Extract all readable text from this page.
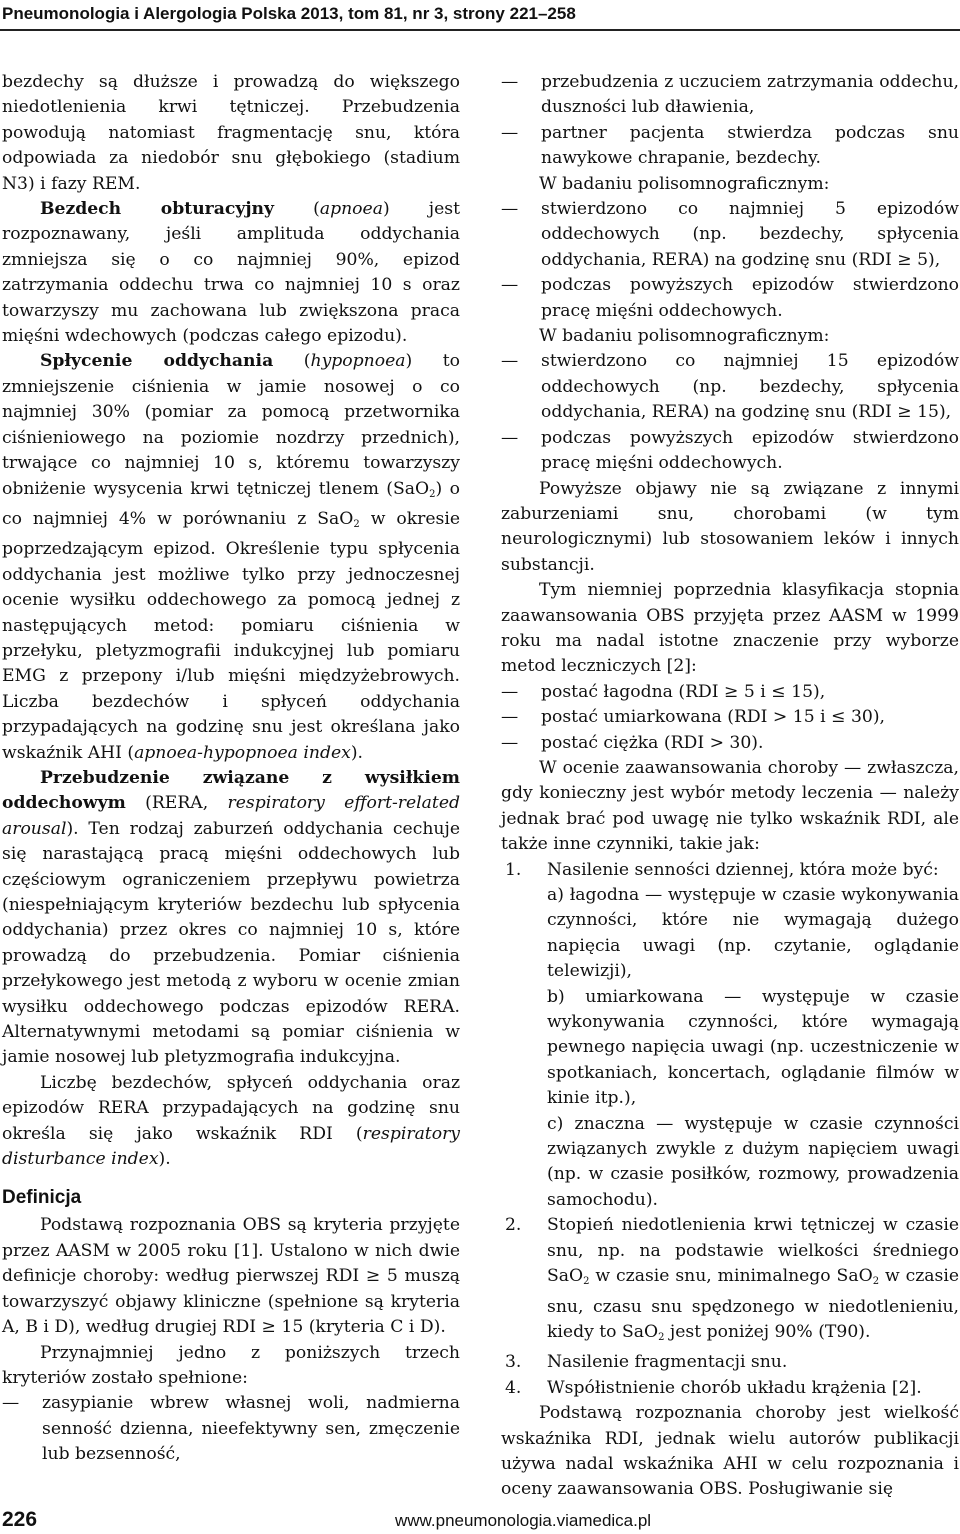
Pneumonologia i Alergologia Polska 2013, tom 81, nr 3, strony 221–258

bezdechy są dłuższe i prowadzą do większego niedotlenienia krwi tętniczej. Przebudzenia powodują natomiast fragmentację snu, która odpowiada za niedobór snu głębokiego (stadium N3) i fazy REM.

Bezdech obturacyjny (apnoea) jest rozpoznawany, jeśli amplituda oddychania zmniejsza się o co najmniej 90%, epizod zatrzymania oddechu trwa co najmniej 10 s oraz towarzyszy mu zachowana lub zwiększona praca mięśni wdechowych (podczas całego epizodu).

Spłycenie oddychania (hypopnoea) to zmniejszenie ciśnienia w jamie nosowej o co najmniej 30% (pomiar za pomocą przetwornika ciśnieniowego na poziomie nozdrzy przednich), trwające co najmniej 10 s, któremu towarzyszy obniżenie wysycenia krwi tętniczej tlenem (SaO$_2$) o co najmniej 4% w porównaniu z SaO$_2$ w okresie poprzedzającym epizod. Określenie typu spłycenia oddychania jest możliwe tylko przy jednoczesnej ocenie wysiłku oddechowego za pomocą jednej z następujących metod: pomiaru ciśnienia w przełyku, pletyzmografii indukcyjnej lub pomiaru EMG z przepony i/lub mięśni międzyżebrowych. Liczba bezdechów i spłyceń oddychania przypadających na godzinę snu jest określana jako wskaźnik AHI (apnoea-hypopnoea index).

Przebudzenie związane z wysiłkiem oddechowym (RERA, respiratory effort-related arousal). Ten rodzaj zaburzeń oddychania cechuje się narastającą pracą mięśni oddechowych lub częściowym ograniczeniem przepływu powietrza (niespełniającym kryteriów bezdechu lub spłycenia oddychania) przez okres co najmniej 10 s, które prowadzą do przebudzenia. Pomiar ciśnienia przełykowego jest metodą z wyboru w ocenie zmian wysiłku oddechowego podczas epizodów RERA. Alternatywnymi metodami są pomiar ciśnienia w jamie nosowej lub pletyzmografia indukcyjna.

Liczbę bezdechów, spłyceń oddychania oraz epizodów RERA przypadających na godzinę snu określa się jako wskaźnik RDI (respiratory disturbance index).

Definicja

Podstawą rozpoznania OBS są kryteria przyjęte przez AASM w 2005 roku [1]. Ustalono w nich dwie definicje choroby: według pierwszej RDI ≥ 5 muszą towarzyszyć objawy kliniczne (spełnione są kryteria A, B i D), według drugiej RDI ≥ 15 (kryteria C i D).

Przynajmniej jedno z poniższych trzech kryteriów zostało spełnione:

—	zasypianie wbrew własnej woli, nadmierna senność dzienna, nieefektywny sen, zmęczenie lub bezsenność,
—	przebudzenia z uczuciem zatrzymania oddechu, duszności lub dławienia,
—	partner pacjenta stwierdza podczas snu nawykowe chrapanie, bezdechy.

W badaniu polisomnograficznym:

—	stwierdzono co najmniej 5 epizodów oddechowych (np. bezdechy, spłycenia oddychania, RERA) na godzinę snu (RDI ≥ 5),
—	podczas powyższych epizodów stwierdzono pracę mięśni oddechowych.

W badaniu polisomnograficznym:

—	stwierdzono co najmniej 15 epizodów oddechowych (np. bezdechy, spłycenia oddychania, RERA) na godzinę snu (RDI ≥ 15),
—	podczas powyższych epizodów stwierdzono pracę mięśni oddechowych.

Powyższe objawy nie są związane z innymi zaburzeniami snu, chorobami (w tym neurologicznymi) lub stosowaniem leków i innych substancji.

Tym niemniej poprzednia klasyfikacja stopnia zaawansowania OBS przyjęta przez AASM w 1999 roku ma nadal istotne znaczenie przy wyborze metod leczniczych [2]:

—	postać łagodna (RDI ≥ 5 i ≤ 15),
—	postać umiarkowana (RDI > 15 i ≤ 30),
—	postać ciężka (RDI > 30).

W ocenie zaawansowania choroby — zwłaszcza, gdy konieczny jest wybór metody leczenia — należy jednak brać pod uwagę nie tylko wskaźnik RDI, ale także inne czynniki, takie jak:

1. Nasilenie senności dziennej, która może być:

a) łagodna — występuje w czasie wykonywania czynności, które nie wymagają dużego napięcia uwagi (np. czytanie, oglądanie telewizji),

b) umiarkowana — występuje w czasie wykonywania czynności, które wymagają pewnego napięcia uwagi (np. uczestniczenie w spotkaniach, koncertach, oglądanie filmów w kinie itp.),

c) znaczna — występuje w czasie czynności związanych zwykle z dużym napięciem uwagi (np. w czasie posiłków, rozmowy, prowadzenia samochodu).

2. Stopień niedotlenienia krwi tętniczej w czasie snu, np. na podstawie wielkości średniego SaO$_2$ w czasie snu, minimalnego SaO$_2$ w czasie snu, czasu snu spędzonego w niedotlenieniu, kiedy to SaO$_2$ jest poniżej 90% (T90).
3. Nasilenie fragmentacji snu.
4. Współistnienie chorób układu krążenia [2].

Podstawą rozpoznania choroby jest wielkość wskaźnika RDI, jednak wielu autorów publikacji używa nadal wskaźnika AHI w celu rozpoznania i oceny zaawansowania OBS. Posługiwanie się

226	www.pneumonologia.viamedica.pl
